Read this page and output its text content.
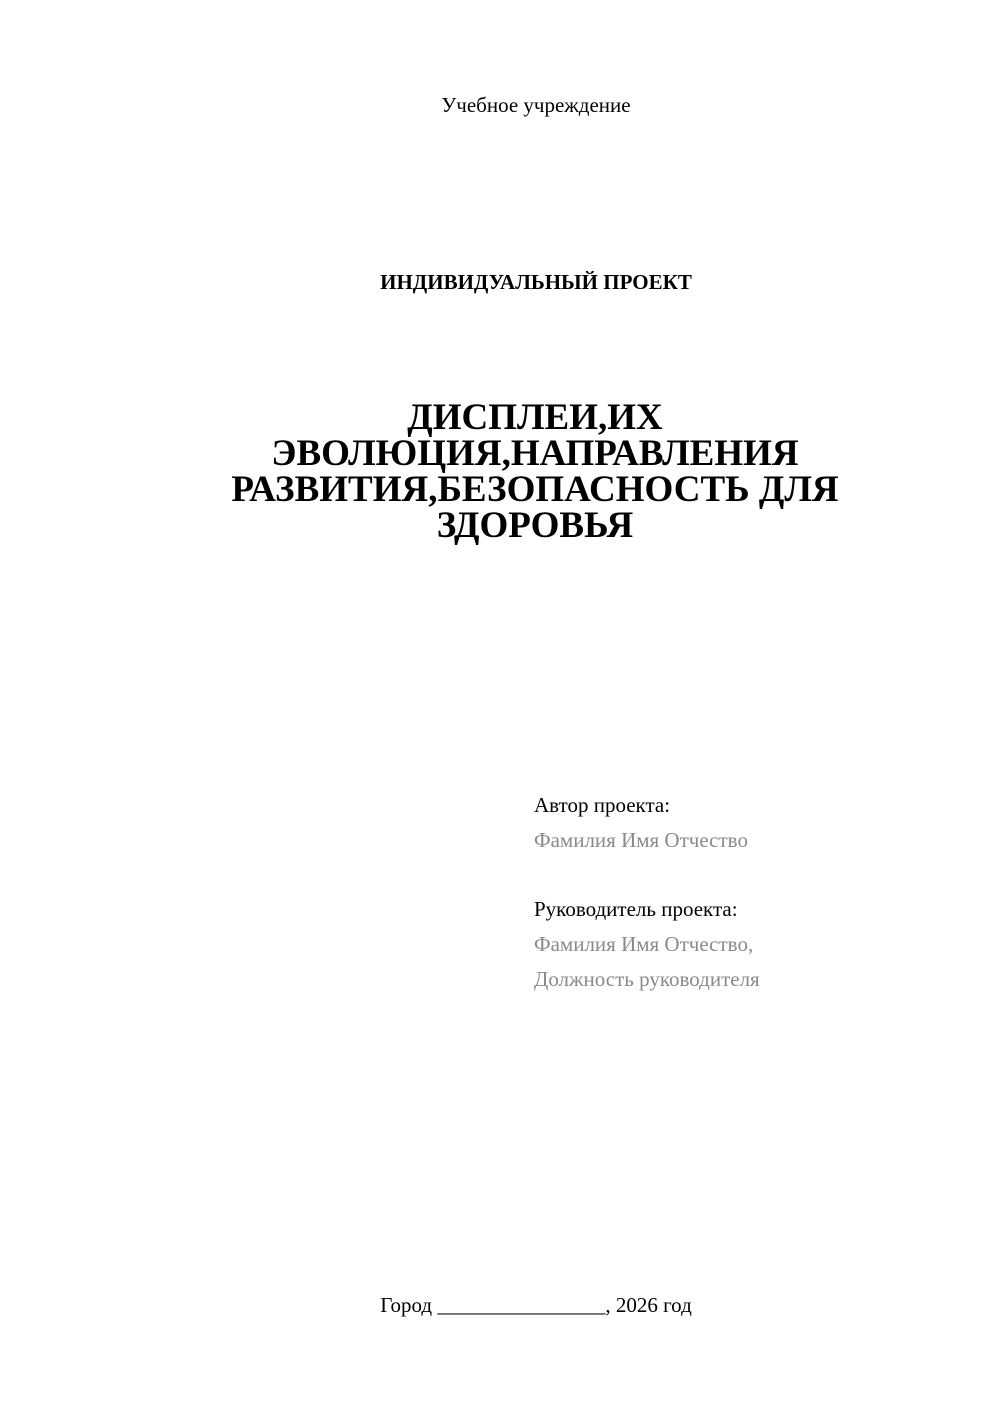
Учебное учреждение
ИНДИВИДУАЛЬНЫЙ ПРОЕКТ
ДИСПЛЕИ,ИХ
ЭВОЛЮЦИЯ,НАПРАВЛЕНИЯ
РАЗВИТИЯ,БЕЗОПАСНОСТЬ ДЛЯ
ЗДОРОВЬЯ
Автор проекта:
Фамилия Имя Отчество
Руководитель проекта:
Фамилия Имя Отчество,
Должность руководителя
Город ________________, 2026 год
